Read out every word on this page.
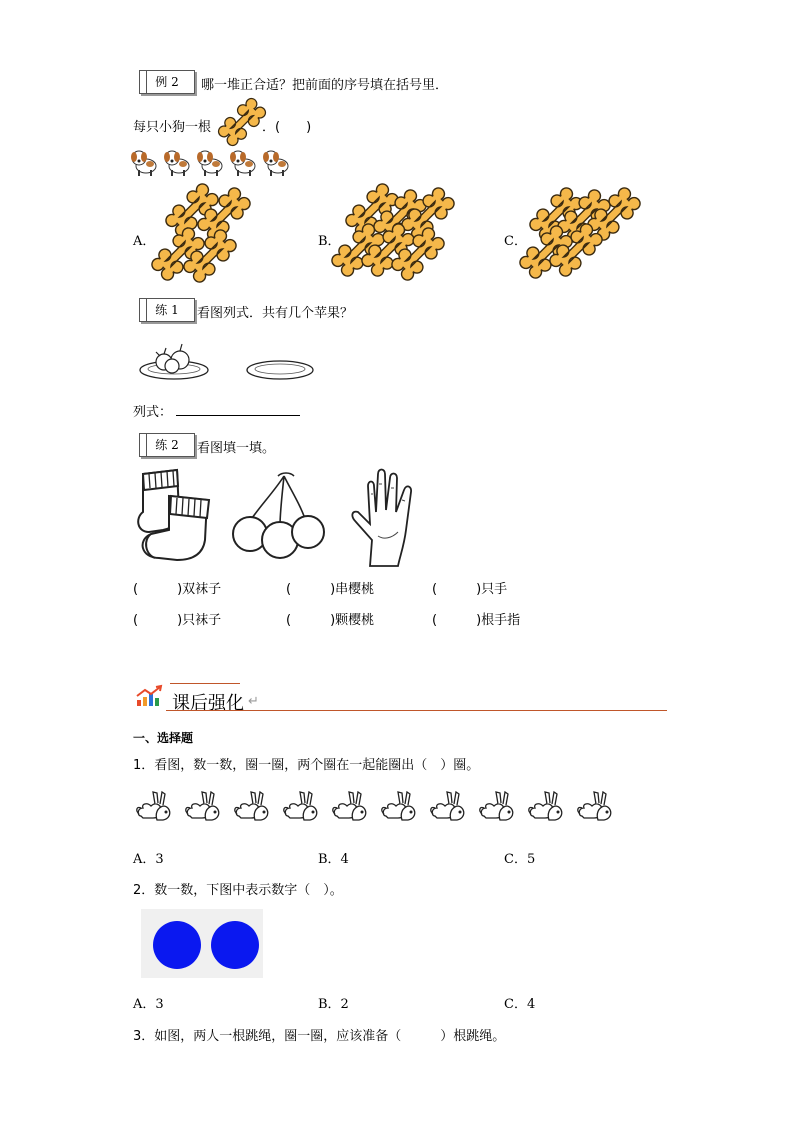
例 2	哪一堆正合适？把前面的序号填在括号里．
每只小狗一根	．(　　)
A．	B．	C．
练 1	看图列式．共有几个苹果？
列式：
练 2	看图填一填。
(　　　)双袜子	(　　　)串樱桃	(　　　)只手
(　　　)只袜子	(　　　)颗樱桃	(　　　)根手指
课后强化 ↵
一、选择题
1．看图，数一数，圈一圈，两个圈在一起能圈出（　）圈。
A．3	B．4	C．5
2．数一数，下图中表示数字（　）。
A．3	B．2	C．4
3．如图，两人一根跳绳，圈一圈，应该准备（　　　）根跳绳。
